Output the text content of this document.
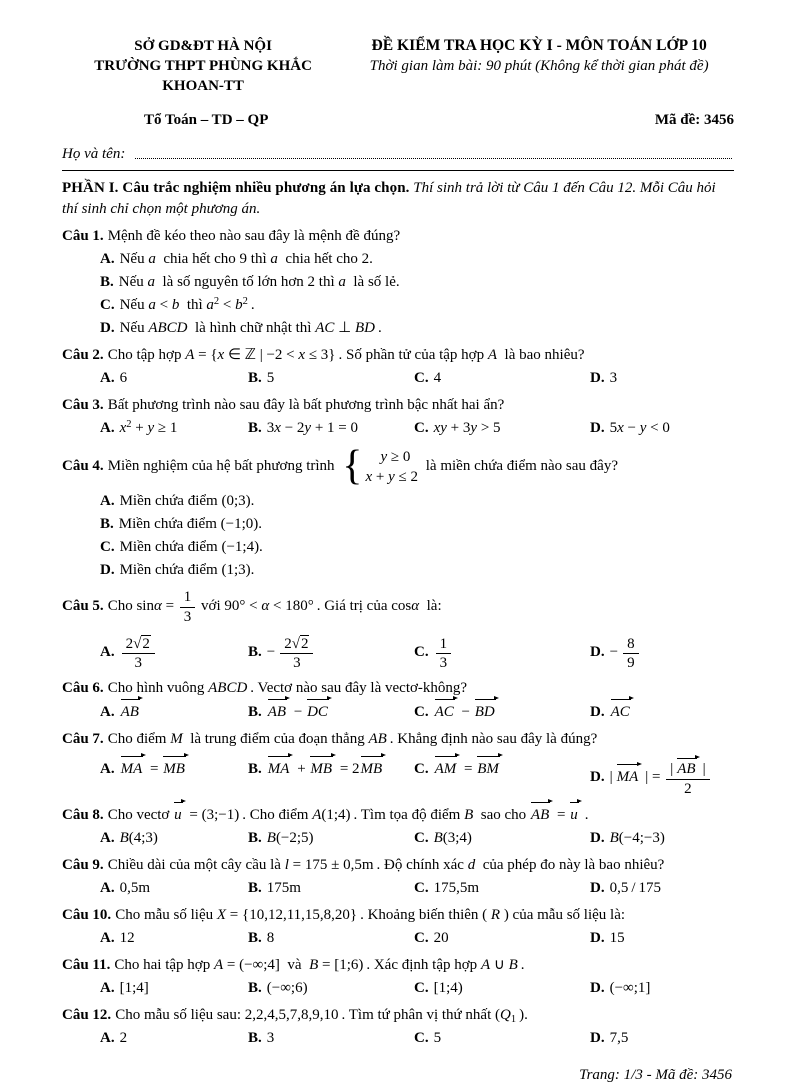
SỞ GD&ĐT HÀ NỘI
TRƯỜNG THPT PHÙNG KHẮC KHOAN-TT
ĐỀ KIỂM TRA HỌC KỲ I - MÔN TOÁN LỚP 10
Thời gian làm bài: 90 phút (Không kể thời gian phát đề)
Tổ Toán – TD – QP	Mã đề: 3456
Họ và tên:
PHẦN I. Câu trắc nghiệm nhiều phương án lựa chọn. Thí sinh trả lời từ Câu 1 đến Câu 12. Mỗi Câu hỏi thí sinh chỉ chọn một phương án.
Câu 1. Mệnh đề kéo theo nào sau đây là mệnh đề đúng?
A. Nếu a  chia hết cho 9 thì a  chia hết cho 2.
B. Nếu a  là số nguyên tố lớn hơn 2 thì a  là số lẻ.
C. Nếu a < b  thì $a^2 < b^2$ .
D. Nếu ABCD  là hình chữ nhật thì AC ⊥ BD .
Câu 2. Cho tập hợp A = {x ∈ ℤ | −2 < x ≤ 3} . Số phần tử của tập hợp A  là bao nhiêu?
A. 6	B. 5	C. 4	D. 3
Câu 3. Bất phương trình nào sau đây là bất phương trình bậc nhất hai ẩn?
A. $x^2 + y \ge 1$	B. 3x − 2y + 1 = 0	C. xy + 3y > 5	D. 5x − y < 0
Câu 4. Miền nghiệm của hệ bất phương trình {	y ≥ 0
x + y ≤ 2
là miền chứa điểm nào sau đây?
A. Miền chứa điểm (0;3).
B. Miền chứa điểm (−1;0).
C. Miền chứa điểm (−1;4).
D. Miền chứa điểm (1;3).
Câu 5. Cho $\sin\alpha = \frac{1}{3}$ với 90° < α < 180° . Giá trị của cosα  là:
A. $\frac{2√2}{3}$	B. −  $\frac{2√2}{3}$	C. $\frac{1}{3}$	D. −  $\frac{8}{9}$
Câu 6. Cho hình vuông ABCD . Vectơ nào sau đây là vectơ-không?
A. AB	B. AB − DC	C. AC − BD	D. AC
Câu 7. Cho điểm M  là trung điểm của đoạn thẳng AB . Khẳng định nào sau đây là đúng?
A. MA = MB	B. MA + MB = 2MB	C. AM = BM
D. | MA | = $\frac{| AB |}{2}$
Câu 8. Cho vectơ u = (3;−1) . Cho điểm A(1;4) . Tìm tọa độ điểm B  sao cho AB = u .
A. B(4;3)	B. B(−2;5)	C. B(3;4)	D. B(−4;−3)
Câu 9. Chiều dài của một cây cầu là l = 175 ± 0,5m . Độ chính xác d  của phép đo này là bao nhiêu?
A. 0,5m	B. 175m	C. 175,5m	D. 0,5 / 175
Câu 10. Cho mẫu số liệu X = {10,12,11,15,8,20} . Khoảng biến thiên ( R ) của mẫu số liệu là:
A. 12	B. 8	C. 20	D. 15
Câu 11. Cho hai tập hợp A = (−∞;4]  và  B = [1;6) . Xác định tập hợp A ∪ B .
A. [1;4]	B. (−∞;6)	C. [1;4)	D. (−∞;1]
Câu 12. Cho mẫu số liệu sau: 2,2,4,5,7,8,9,10 . Tìm tứ phân vị thứ nhất ($Q_1$ ).
A. 2	B. 3	C. 5	D. 7,5
Trang: 1/3 - Mã đề: 3456
